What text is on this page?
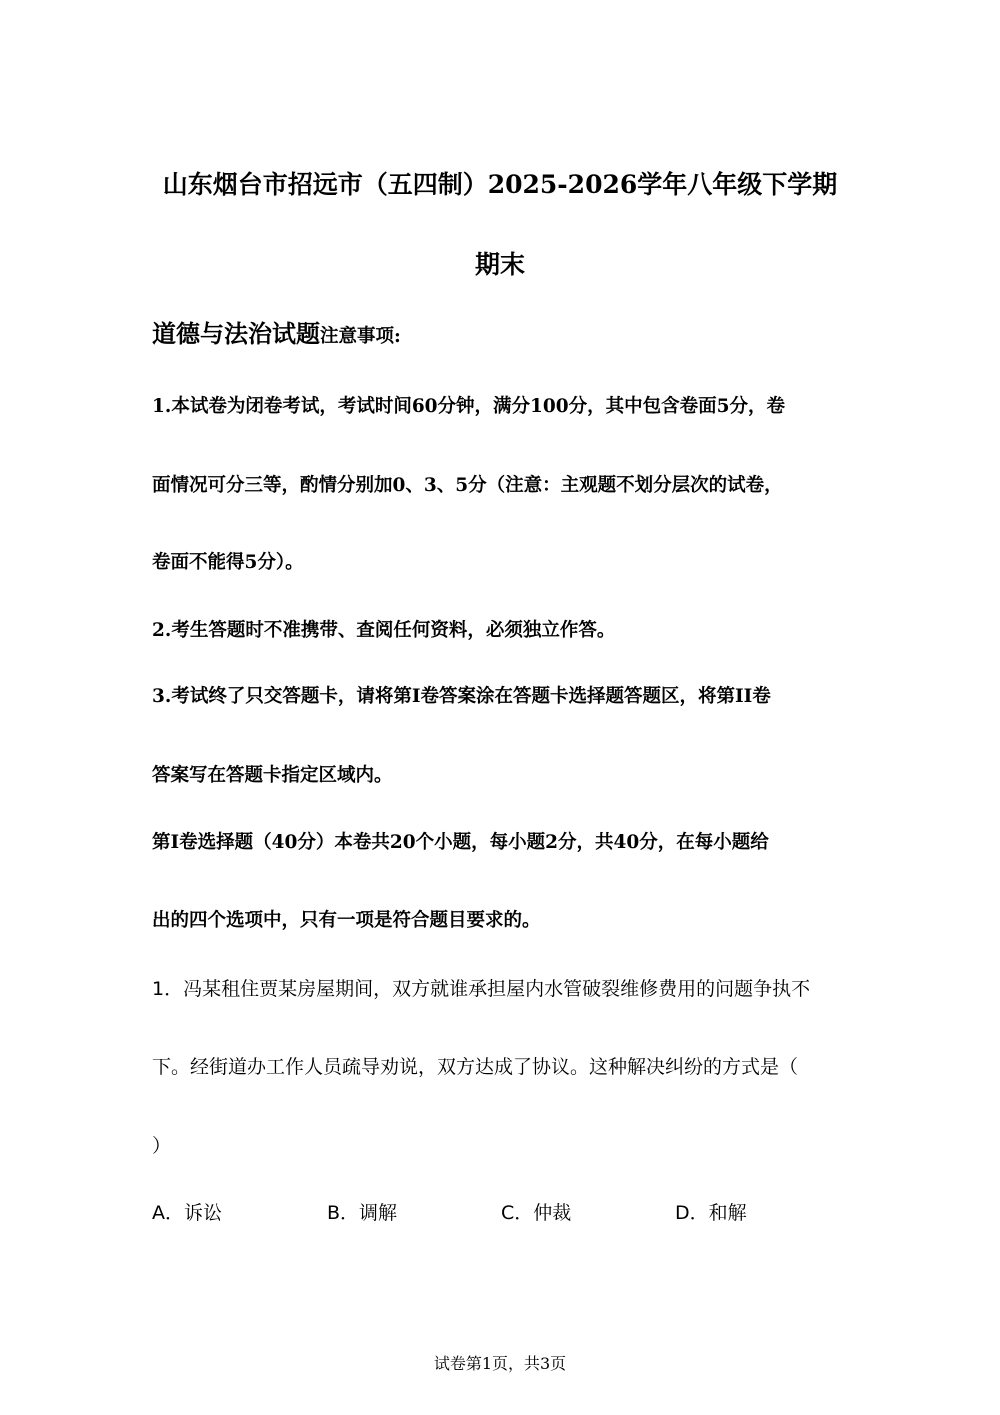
山东烟台市招远市（五四制）2025-2026学年八年级下学期
期末
道德与法治试题注意事项:
1.本试卷为闭卷考试，考试时间60分钟，满分100分，其中包含卷面5分，卷
面情况可分三等，酌情分别加0、3、5分（注意：主观题不划分层次的试卷，
卷面不能得5分）。
2.考生答题时不准携带、查阅任何资料，必须独立作答。
3.考试终了只交答题卡，请将第I卷答案涂在答题卡选择题答题区，将第II卷
答案写在答题卡指定区域内。
第I卷选择题（40分）本卷共20个小题，每小题2分，共40分，在每小题给
出的四个选项中，只有一项是符合题目要求的。
1．冯某租住贾某房屋期间，双方就谁承担屋内水管破裂维修费用的问题争执不
下。经街道办工作人员疏导劝说，双方达成了协议。这种解决纠纷的方式是（
）
A．诉讼	B．调解	C．仲裁	D．和解
试卷第1页，共3页
